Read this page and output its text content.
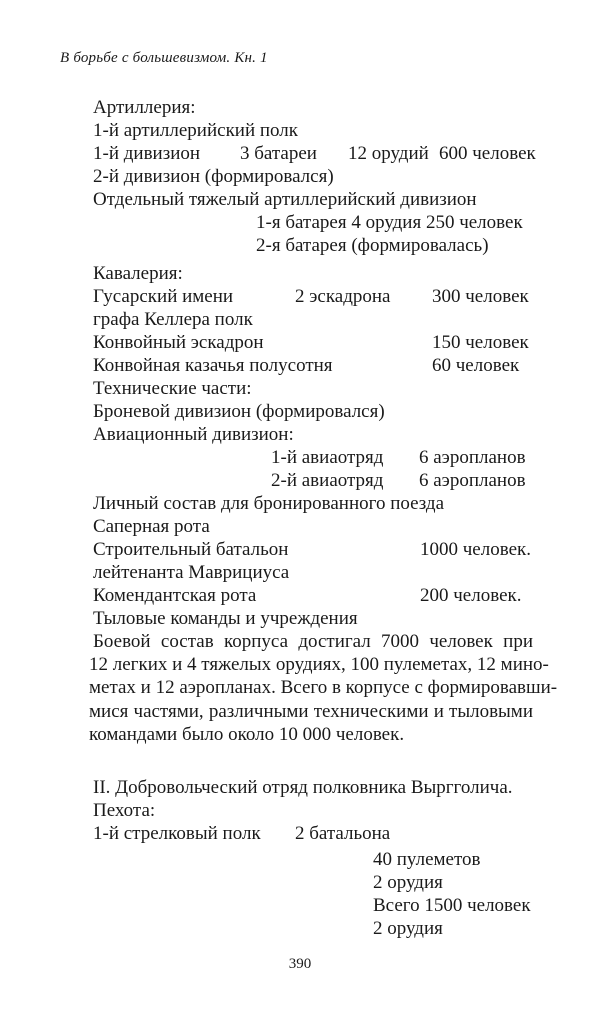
В борьбе с большевизмом. Кн. 1
Артиллерия:
1-й артиллерийский полк
1-й дивизион 3 батареи 12 орудий 600 человек
2-й дивизион (формировался)
Отдельный тяжелый артиллерийский дивизион
1-я батарея 4 орудия 250 человек
2-я батарея (формировалась)
Кавалерия:
Гусарский имени	2 эскадрона 300 человек
графа Келлера полк
Конвойный эскадрон	150 человек
Конвойная казачья полусотня	60 человек
Технические части:
Броневой дивизион (формировался)
Авиационный дивизион:
1-й авиаотряд 6 аэропланов
2-й авиаотряд 6 аэропланов
Личный состав для бронированного поезда
Саперная рота
Строительный батальон	1000 человек.
лейтенанта Маврициуса
Комендантская рота	200 человек.
Тыловые команды и учреждения
Боевой состав корпуса достигал 7000 человек при
12 легких и 4 тяжелых орудиях, 100 пулеметах, 12 мино-
метах и 12 аэропланах. Всего в корпусе с формировавши-
мися частями, различными техническими и тыловыми
командами было около 10 000 человек.
II. Добровольческий отряд полковника Выргголича.
Пехота:
1-й стрелковый полк 2 батальона
40 пулеметов
2 орудия
Всего 1500 человек
2 орудия
390
